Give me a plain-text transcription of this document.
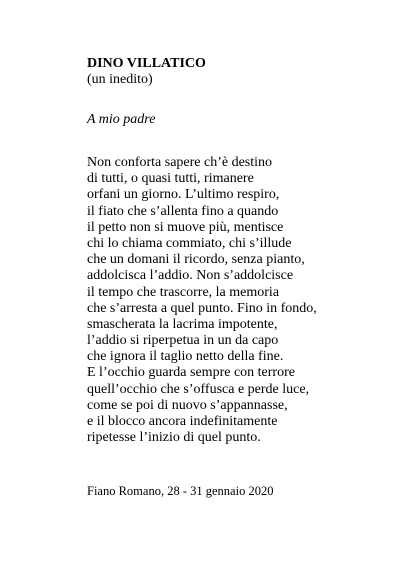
DINO VILLATICO

(un inedito)

A mio padre

Non conforta sapere ch’è destino
di tutti, o quasi tutti, rimanere
orfani un giorno. L’ultimo respiro,
il fiato che s’allenta fino a quando
il petto non si muove più, mentisce
chi lo chiama commiato, chi s’illude
che un domani il ricordo, senza pianto,
addolcisca l’addio. Non s’addolcisce
il tempo che trascorre, la memoria
che s’arresta a quel punto. Fino in fondo,
smascherata la lacrima impotente,
l’addio si riperpetua in un da capo
che ignora il taglio netto della fine.
E l’occhio guarda sempre con terrore
quell’occhio che s’offusca e perde luce,
come se poi di nuovo s’appannasse,
e il blocco ancora indefinitamente
ripetesse l’inizio di quel punto.

Fiano Romano, 28 - 31 gennaio 2020
